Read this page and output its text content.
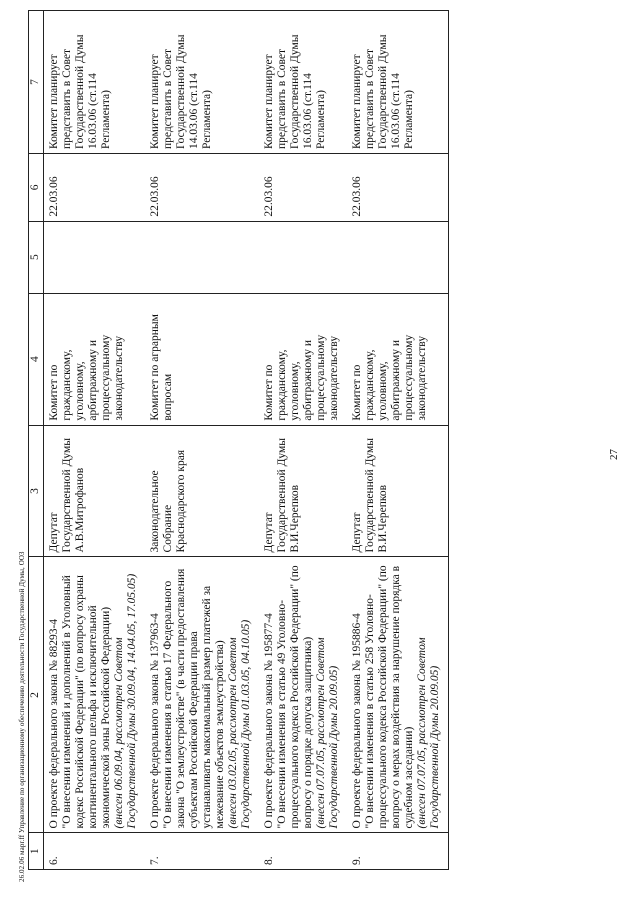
27
1	2	3	4	5	6	7
6.	О проекте федерального закона № 88293-4 "О внесении изменений и дополнений в Уголовный кодекс Российской Федерации" (по вопросу охраны континентального шельфа и исключительной экономической зоны Российской Федерации) (внесен 06.09.04, рассмотрен Советом Государственной Думы 30.09.04, 14.04.05, 17.05.05)	Депутат Государственной Думы А.В.Митрофанов	Комитет по гражданскому, уголовному, арбитражному и процессуальному законодательству		22.03.06	Комитет планирует представить в Совет Государственной Думы 16.03.06 (ст.114 Регламента)
7.	О проекте федерального закона № 137963-4 "О внесении изменения в статью 17 Федерального закона "О землеустройстве" (в части предоставления субъектам Российской Федерации права устанавливать максимальный размер платежей за межевание объектов землеустройства) (внесен 03.02.05, рассмотрен Советом Государственной Думы 01.03.05, 04.10.05)	Законодательное Собрание Краснодарского края	Комитет по аграрным вопросам		22.03.06	Комитет планирует представить в Совет Государственной Думы 14.03.06 (ст.114 Регламента)
8.	О проекте федерального закона № 195877-4 "О внесении изменения в статью 49 Уголовно-процессуального кодекса Российской Федерации" (по вопросу о порядке допуска защитника) (внесен 07.07.05, рассмотрен Советом Государственной Думы 20.09.05)	Депутат Государственной Думы В.И.Черепков	Комитет по гражданскому, уголовному, арбитражному и процессуальному законодательству		22.03.06	Комитет планирует представить в Совет Государственной Думы 16.03.06 (ст.114 Регламента)
9.	О проекте федерального закона № 195886-4 "О внесении изменения в статью 258 Уголовно-процессуального кодекса Российской Федерации" (по вопросу о мерах воздействия за нарушение порядка в судебном заседании) (внесен 07.07.05, рассмотрен Советом Государственной Думы 20.09.05)	Депутат Государственной Думы В.И.Черепков	Комитет по гражданскому, уголовному, арбитражному и процессуальному законодательству		22.03.06	Комитет планирует представить в Совет Государственной Думы 16.03.06 (ст.114 Регламента)
26.02.06 марг.ff Управление по организационному обеспечению деятельности Государственной Думы, ООЗ
